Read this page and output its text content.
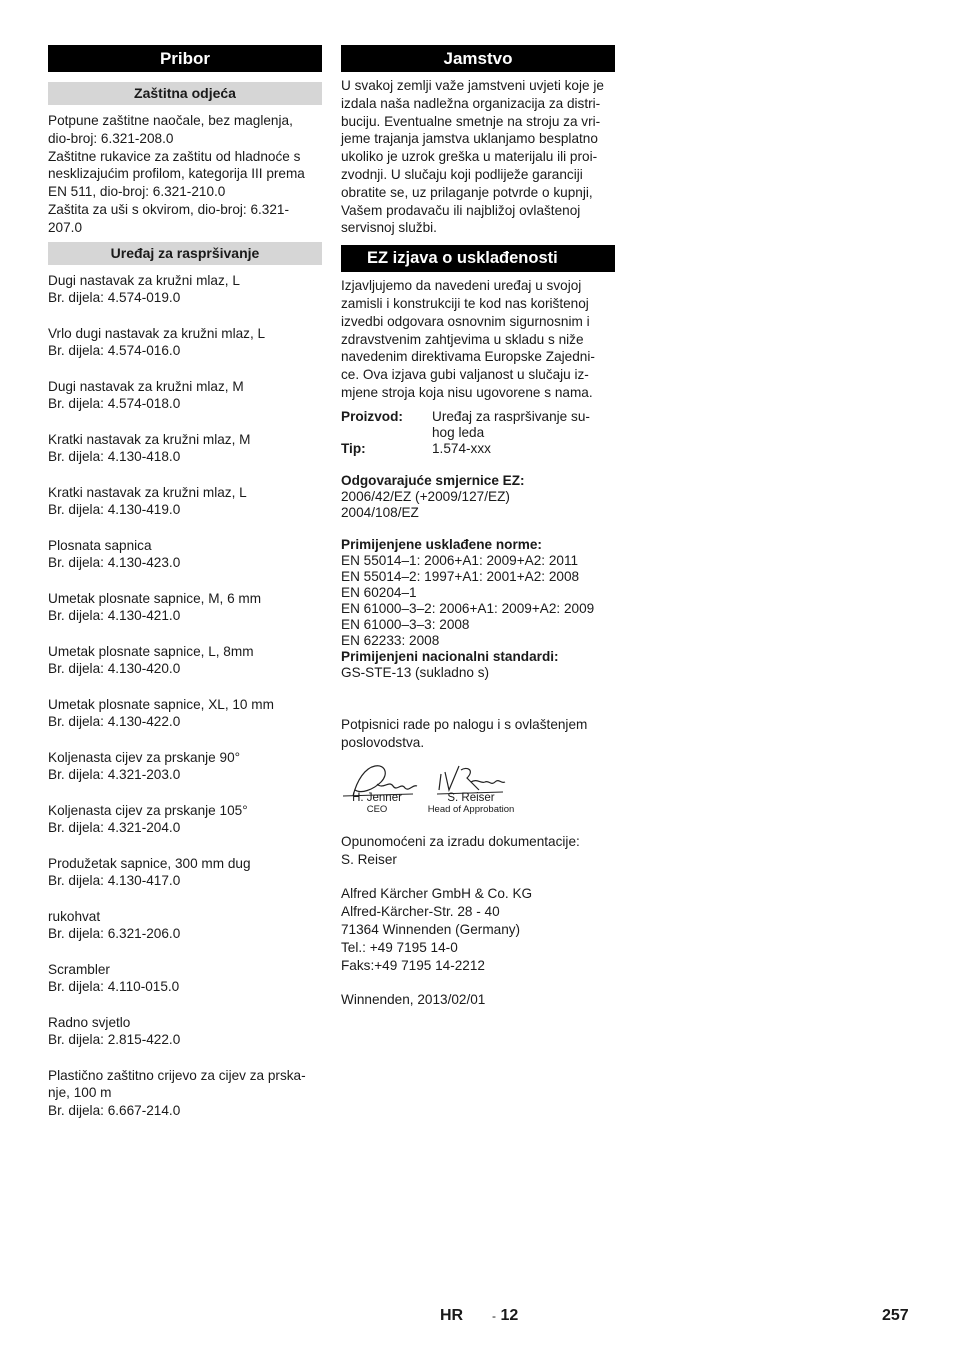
Pribor
Zaštitna odjeća
Potpune zaštitne naočale, bez maglenja,
dio-broj: 6.321-208.0
Zaštitne rukavice za zaštitu od hladnoće s
nesklizajućim profilom, kategorija III prema
EN 511, dio-broj: 6.321-210.0
Zaštita za uši s okvirom, dio-broj: 6.321-
207.0
Uređaj za raspršivanje
Dugi nastavak za kružni mlaz, L
Br. dijela: 4.574-019.0
Vrlo dugi nastavak za kružni mlaz, L
Br. dijela: 4.574-016.0
Dugi nastavak za kružni mlaz, M
Br. dijela: 4.574-018.0
Kratki nastavak za kružni mlaz, M
Br. dijela: 4.130-418.0
Kratki nastavak za kružni mlaz, L
Br. dijela: 4.130-419.0
Plosnata sapnica
Br. dijela: 4.130-423.0
Umetak plosnate sapnice, M, 6 mm
Br. dijela: 4.130-421.0
Umetak plosnate sapnice, L, 8mm
Br. dijela: 4.130-420.0
Umetak plosnate sapnice, XL, 10 mm
Br. dijela: 4.130-422.0
Koljenasta cijev za prskanje 90°
Br. dijela: 4.321-203.0
Koljenasta cijev za prskanje 105°
Br. dijela: 4.321-204.0
Produžetak sapnice, 300 mm dug
Br. dijela: 4.130-417.0
rukohvat
Br. dijela: 6.321-206.0
Scrambler
Br. dijela: 4.110-015.0
Radno svjetlo
Br. dijela: 2.815-422.0
Plastično zaštitno crijevo za cijev za prska-
nje, 100 m
Br. dijela: 6.667-214.0
Jamstvo
U svakoj zemlji važe jamstveni uvjeti koje je
izdala naša nadležna organizacija za distri-
buciju. Eventualne smetnje na stroju za vri-
jeme trajanja jamstva uklanjamo besplatno
ukoliko je uzrok greška u materijalu ili proi-
zvodnji. U slučaju koji podliježe garanciji
obratite se, uz prilaganje potvrde o kupnji,
Vašem prodavaču ili najbližoj ovlaštenoj
servisnoj službi.
EZ izjava o usklađenosti
Izjavljujemo da navedeni uređaj u svojoj
zamisli i konstrukciji te kod nas korištenoj
izvedbi odgovara osnovnim sigurnosnim i
zdravstvenim zahtjevima u skladu s niže
navedenim direktivama Europske Zajedni-
ce. Ova izjava gubi valjanost u slučaju iz-
mjene stroja koja nisu ugovorene s nama.
Proizvod:	Uređaj za raspršivanje su-
hog leda
Tip:	1.574-xxx
Odgovarajuće smjernice EZ:
2006/42/EZ (+2009/127/EZ)
2004/108/EZ
Primijenjene usklađene norme:
EN 55014–1: 2006+A1: 2009+A2: 2011
EN 55014–2: 1997+A1: 2001+A2: 2008
EN 60204–1
EN 61000–3–2: 2006+A1: 2009+A2: 2009
EN 61000–3–3: 2008
EN 62233: 2008
Primijenjeni nacionalni standardi:
GS-STE-13 (sukladno s)
Potpisnici rade po nalogu i s ovlaštenjem
poslovodstva.
H. Jenner
CEO
S. Reiser
Head of Approbation
Opunomoćeni za izradu dokumentacije:
S. Reiser
Alfred Kärcher GmbH & Co. KG
Alfred-Kärcher-Str. 28 - 40
71364 Winnenden (Germany)
Tel.: +49 7195 14-0
Faks:+49 7195 14-2212
Winnenden, 2013/02/01
HR - 12	257
